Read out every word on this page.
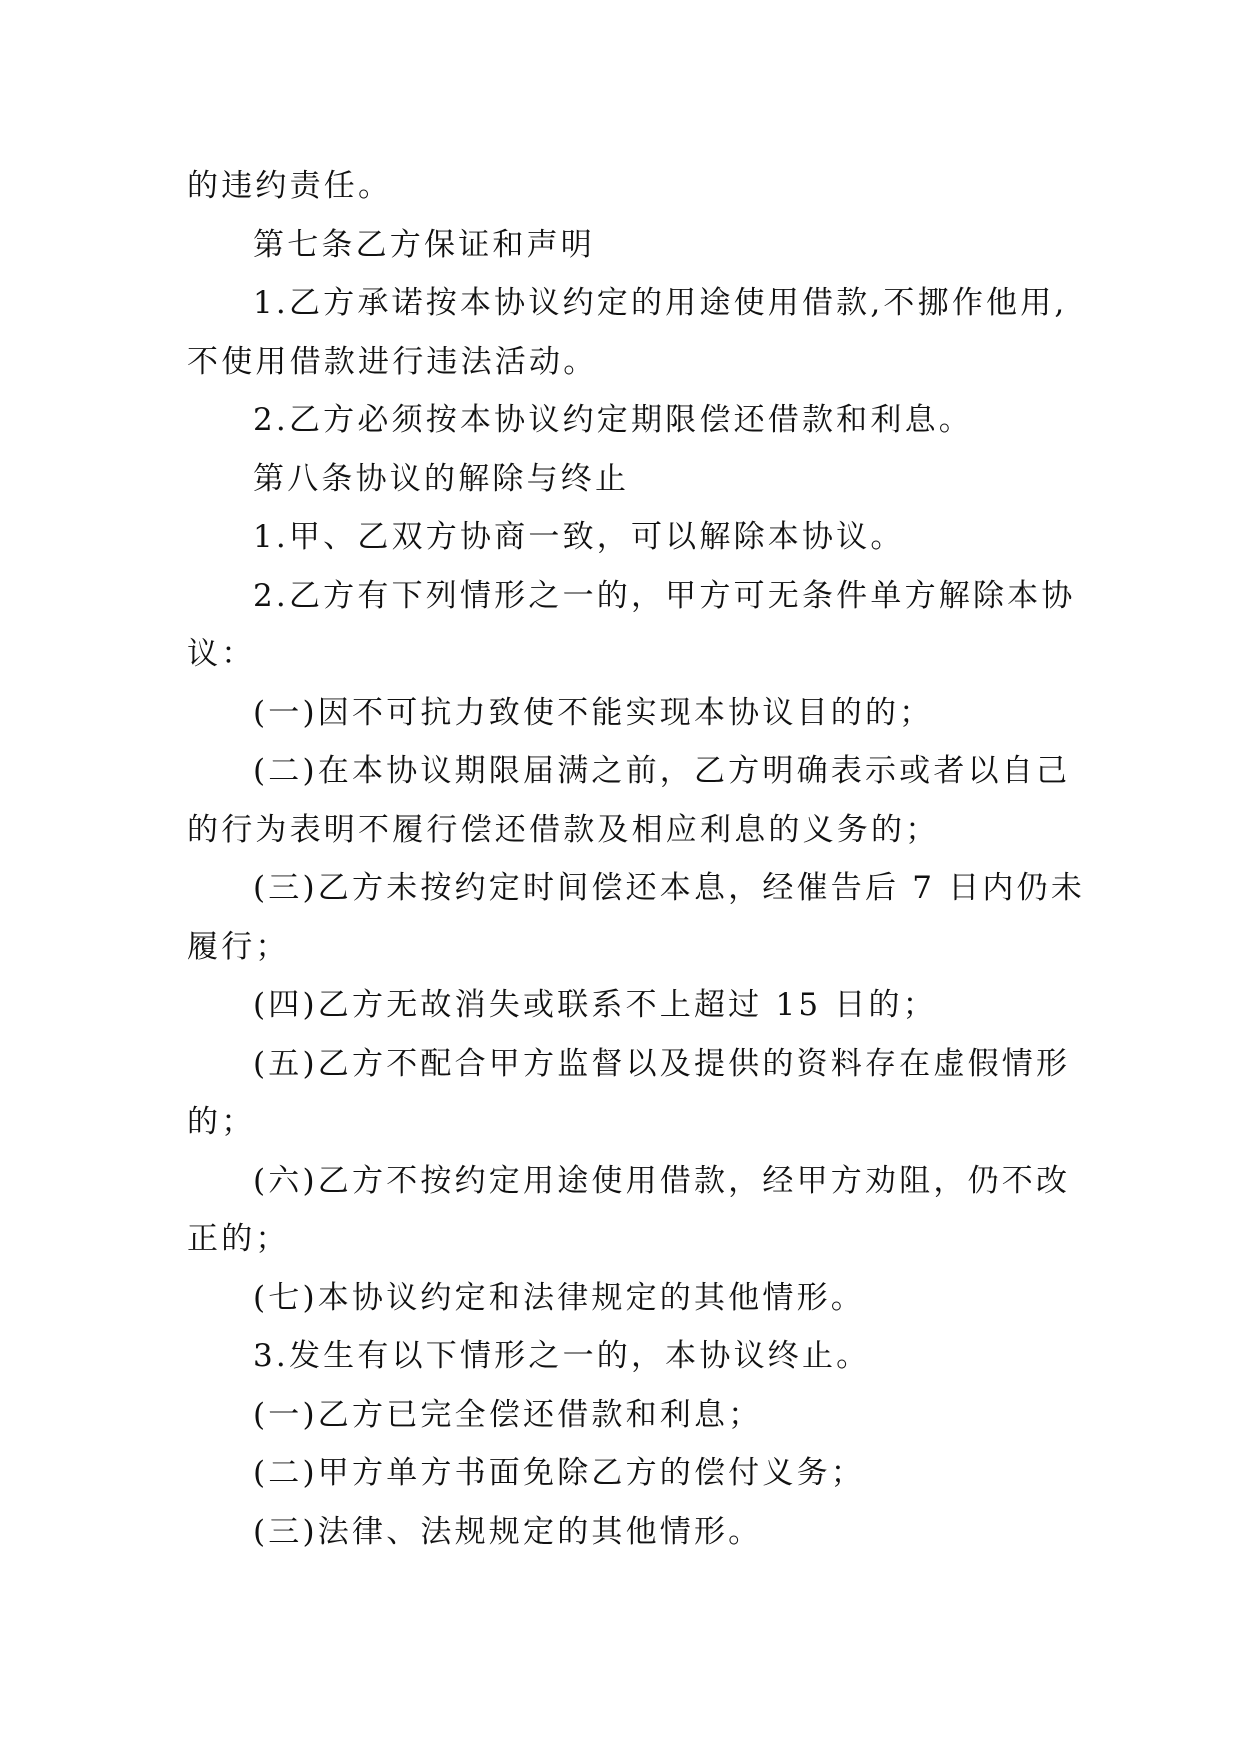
的违约责任。
第七条乙方保证和声明
1.乙方承诺按本协议约定的用途使用借款,不挪作他用,
不使用借款进行违法活动。
2.乙方必须按本协议约定期限偿还借款和利息。
第八条协议的解除与终止
1.甲、乙双方协商一致，可以解除本协议。
2.乙方有下列情形之一的，甲方可无条件单方解除本协
议：
(一)因不可抗力致使不能实现本协议目的的；
(二)在本协议期限届满之前，乙方明确表示或者以自己
的行为表明不履行偿还借款及相应利息的义务的；
(三)乙方未按约定时间偿还本息，经催告后 7 日内仍未
履行；
(四)乙方无故消失或联系不上超过 15 日的；
(五)乙方不配合甲方监督以及提供的资料存在虚假情形
的；
(六)乙方不按约定用途使用借款，经甲方劝阻，仍不改
正的；
(七)本协议约定和法律规定的其他情形。
3.发生有以下情形之一的，本协议终止。
(一)乙方已完全偿还借款和利息；
(二)甲方单方书面免除乙方的偿付义务；
(三)法律、法规规定的其他情形。
